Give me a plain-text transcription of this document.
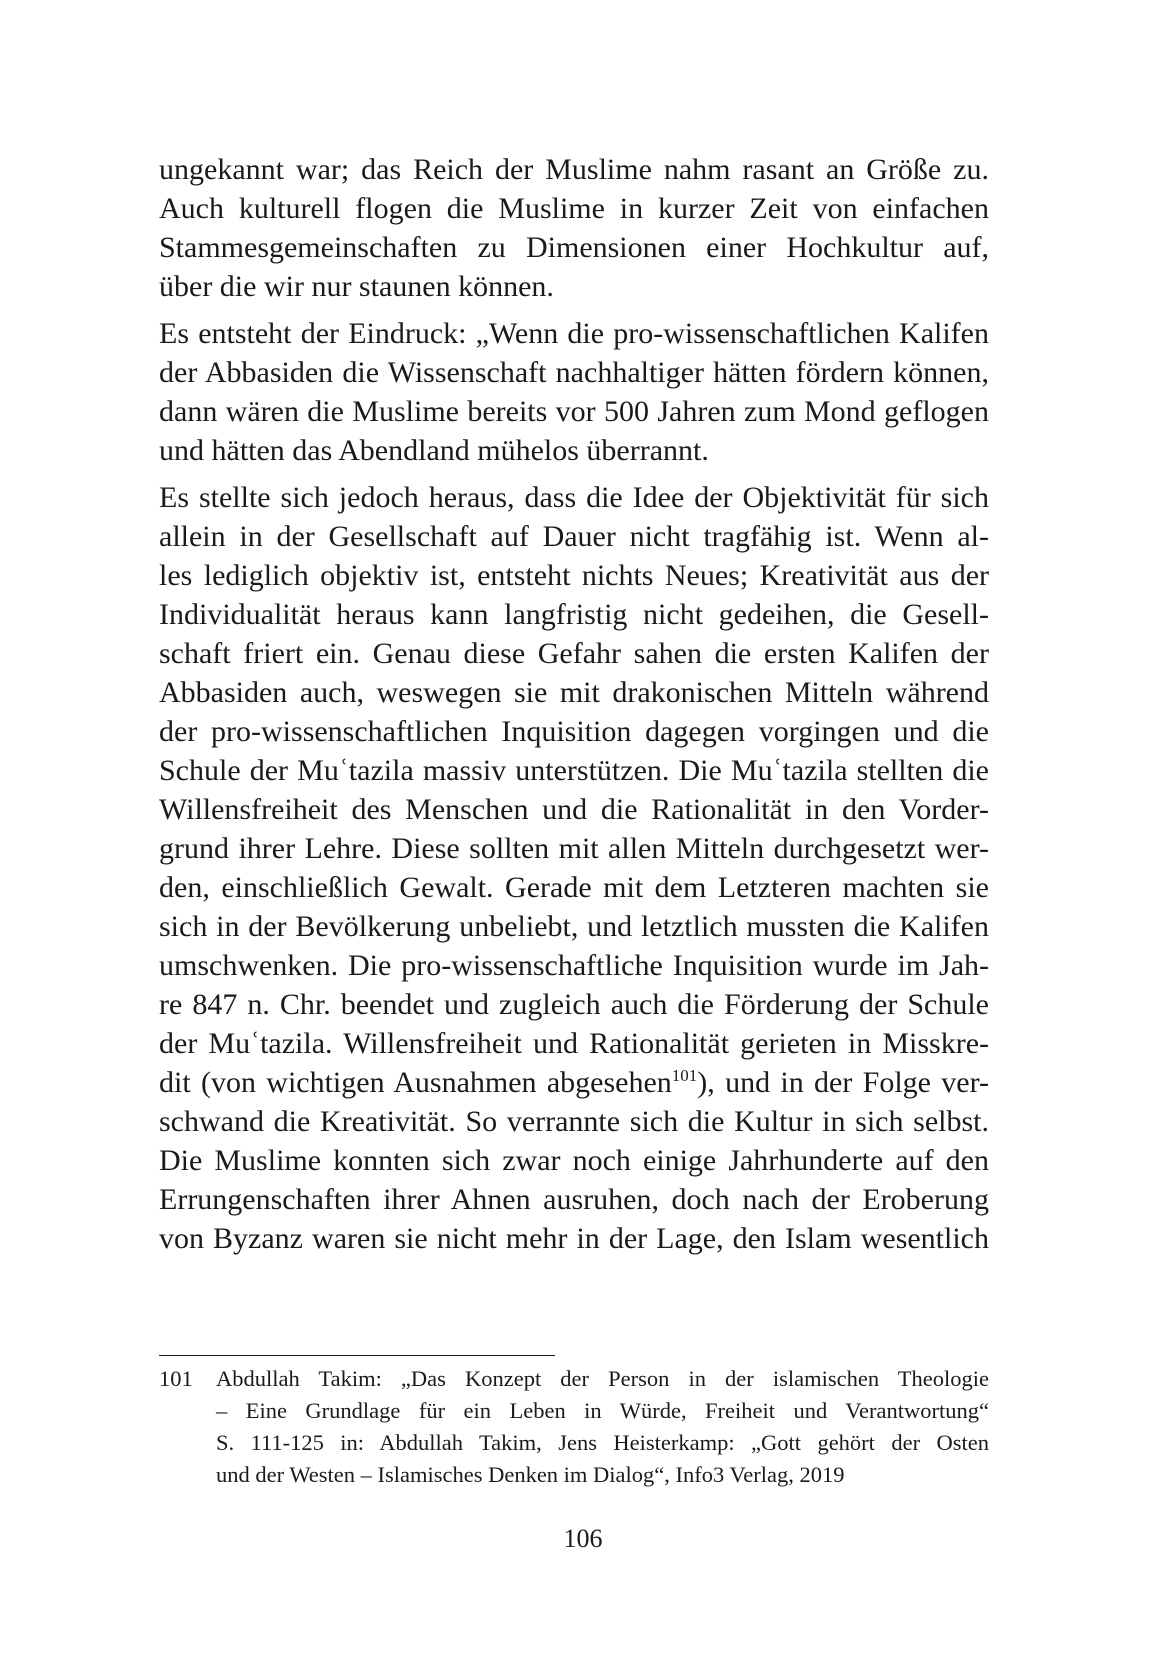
ungekannt war; das Reich der Muslime nahm rasant an Größe zu.
Auch kulturell flogen die Muslime in kurzer Zeit von einfachen
Stammesgemeinschaften zu Dimensionen einer Hochkultur auf,
über die wir nur staunen können.

Es entsteht der Eindruck: „Wenn die pro-wissenschaftlichen Kalifen
der Abbasiden die Wissenschaft nachhaltiger hätten fördern können,
dann wären die Muslime bereits vor 500 Jahren zum Mond geflogen
und hätten das Abendland mühelos überrannt.

Es stellte sich jedoch heraus, dass die Idee der Objektivität für sich
allein in der Gesellschaft auf Dauer nicht tragfähig ist. Wenn al-
les lediglich objektiv ist, entsteht nichts Neues; Kreativität aus der
Individualität heraus kann langfristig nicht gedeihen, die Gesell-
schaft friert ein. Genau diese Gefahr sahen die ersten Kalifen der
Abbasiden auch, weswegen sie mit drakonischen Mitteln während
der pro-wissenschaftlichen Inquisition dagegen vorgingen und die
Schule der Muʿtazila massiv unterstützen. Die Muʿtazila stellten die
Willensfreiheit des Menschen und die Rationalität in den Vorder-
grund ihrer Lehre. Diese sollten mit allen Mitteln durchgesetzt wer-
den, einschließlich Gewalt. Gerade mit dem Letzteren machten sie
sich in der Bevölkerung unbeliebt, und letztlich mussten die Kalifen
umschwenken. Die pro-wissenschaftliche Inquisition wurde im Jah-
re 847 n. Chr. beendet und zugleich auch die Förderung der Schule
der Muʿtazila. Willensfreiheit und Rationalität gerieten in Misskre-
dit (von wichtigen Ausnahmen abgesehen$^{101}$), und in der Folge ver-
schwand die Kreativität. So verrannte sich die Kultur in sich selbst.
Die Muslime konnten sich zwar noch einige Jahrhunderte auf den
Errungenschaften ihrer Ahnen ausruhen, doch nach der Eroberung
von Byzanz waren sie nicht mehr in der Lage, den Islam wesentlich

101 Abdullah Takim: „Das Konzept der Person in der islamischen Theologie
– Eine Grundlage für ein Leben in Würde, Freiheit und Verantwortung“
S. 111-125 in: Abdullah Takim, Jens Heisterkamp: „Gott gehört der Osten
und der Westen – Islamisches Denken im Dialog“, Info3 Verlag, 2019
106
